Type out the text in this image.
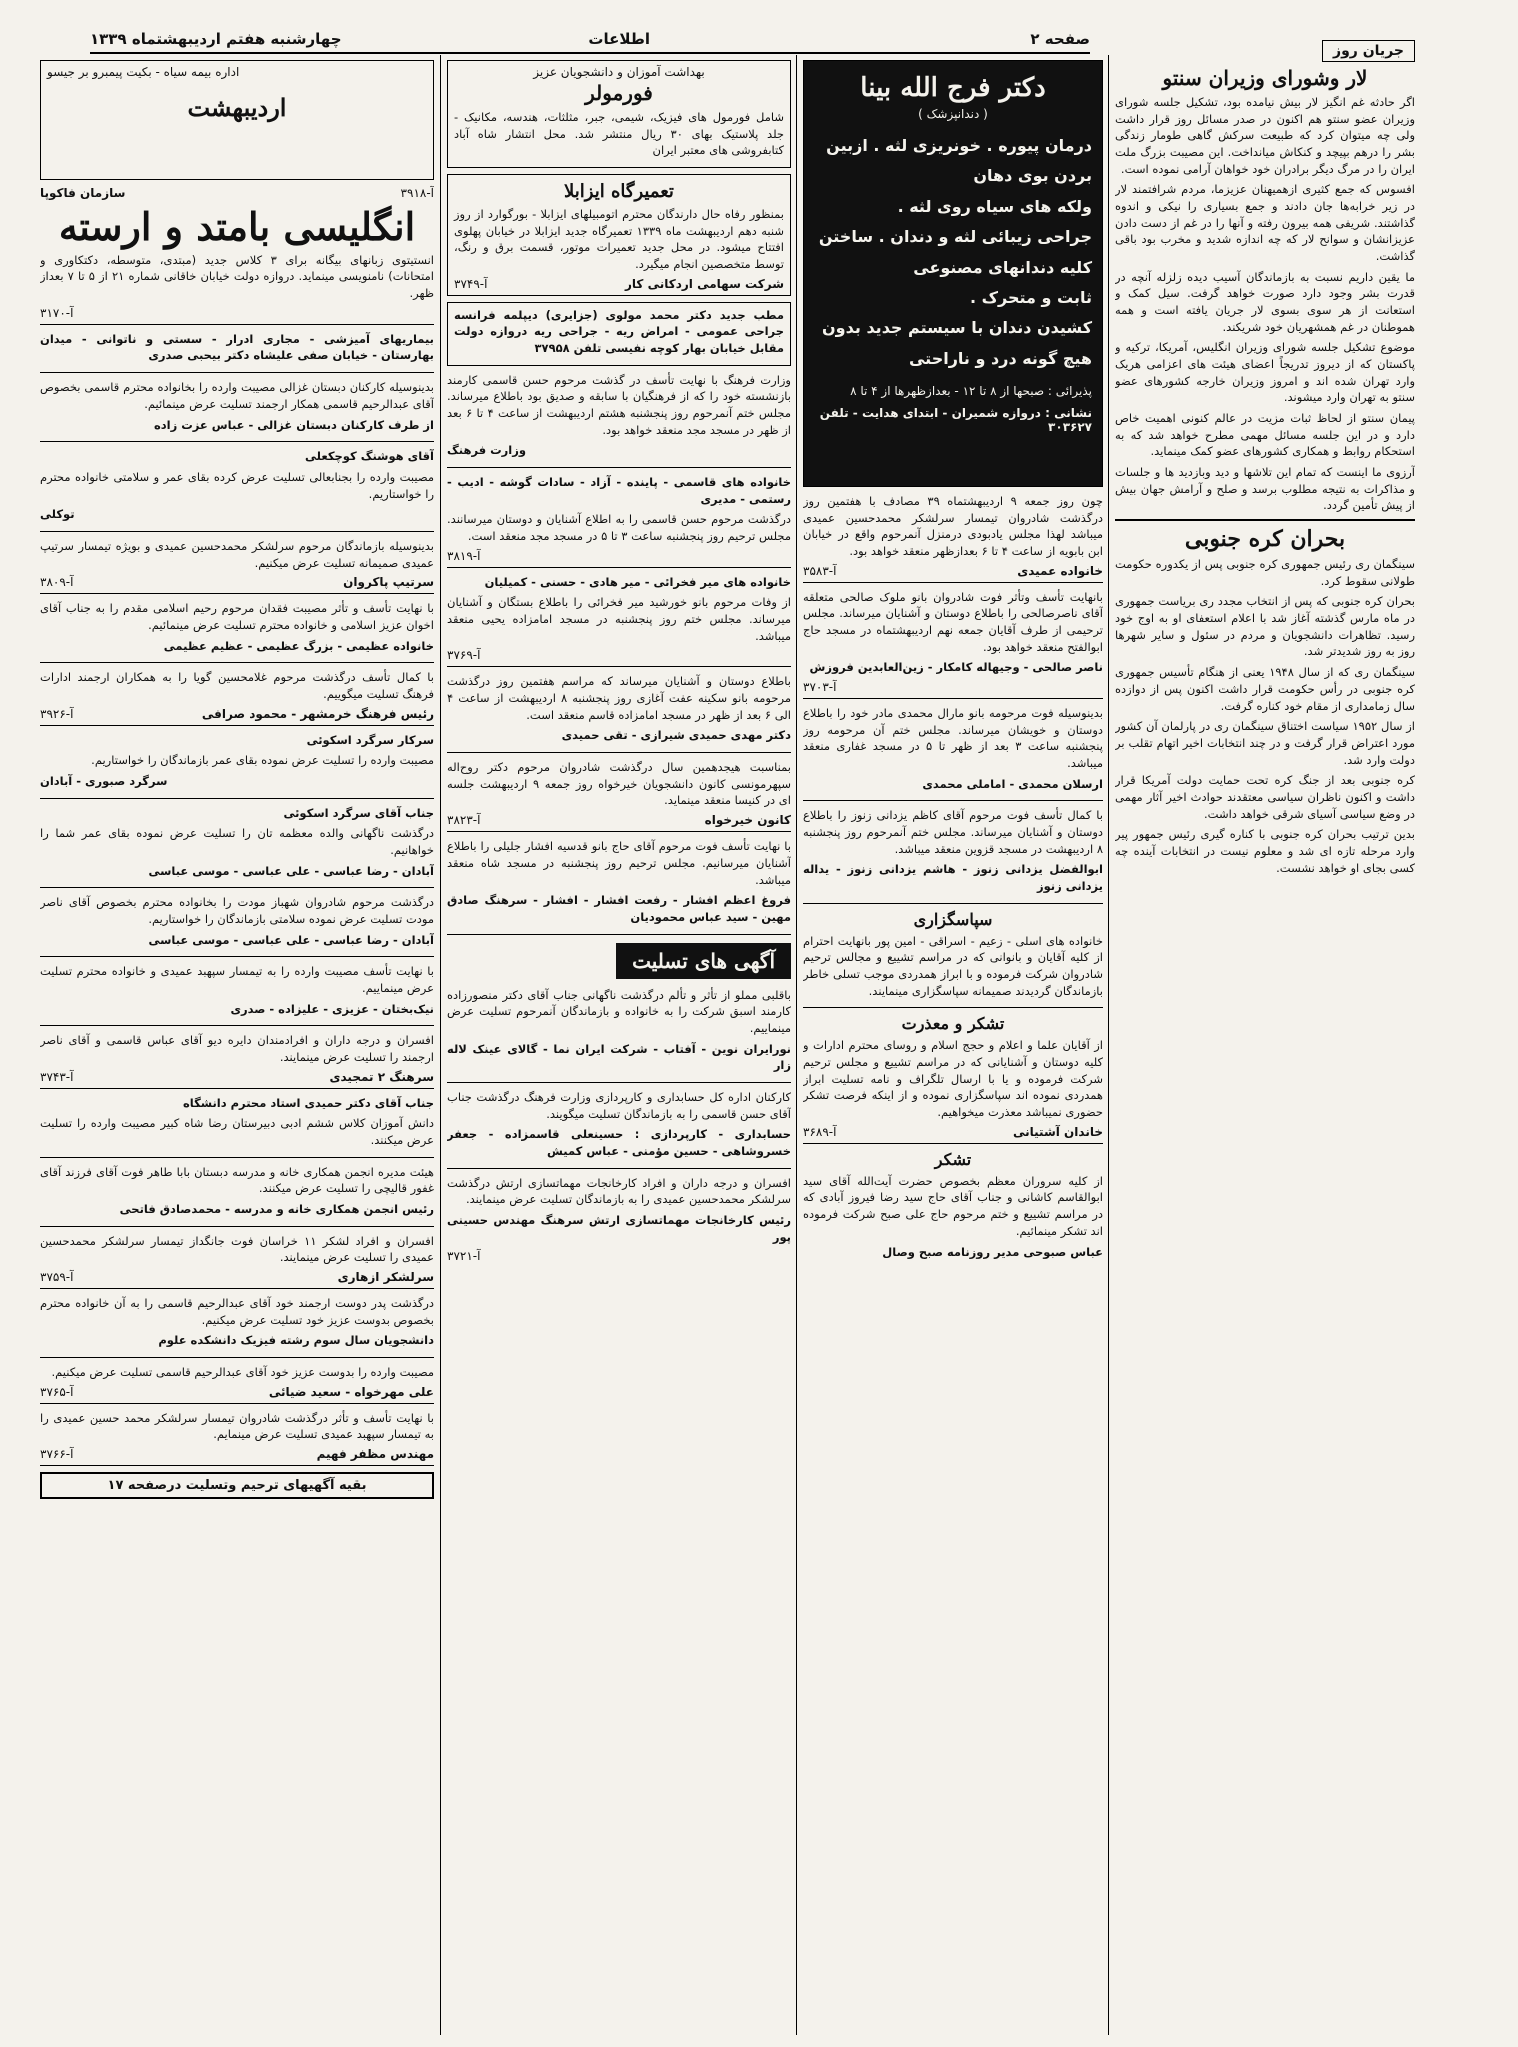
صفحه ۲
اطلاعات
چهارشنبه هفتم اردیبهشتماه ۱۳۳۹
جریان روز
لار وشورای وزیران سنتو

اگر حادثه غم انگیز لار بیش نیامده بود، تشکیل جلسه شورای وزیران عضو سنتو هم اکنون در صدر مسائل روز قرار داشت ولی چه میتوان کرد که طبیعت سرکش گاهی طومار زندگی بشر را درهم بپیچد و کنکاش میانداخت. این مصیبت بزرگ ملت ایران را در مرگ دیگر برادران خود خواهان آرامی نموده است.

افسوس که جمع کثیری ازهمیهنان عزیزما، مردم شرافتمند لار در زیر خرابه‌ها جان دادند و جمع بسیاری را نیکی و اندوه گذاشتند. شریفی همه بیرون رفته و آنها را در غم از دست دادن عزیزانشان و سوانح لار که چه اندازه شدید و مخرب بود باقی گذاشت.

ما یقین داریم نسبت به بازماندگان آسیب دیده زلزله آنچه در قدرت بشر وجود دارد صورت خواهد گرفت. سیل کمک و استعانت از هر سوی بسوی لار جریان یافته است و همه هموطنان در غم همشهریان خود شریکند.

موضوع تشکیل جلسه شورای وزیران انگلیس، آمریکا، ترکیه و پاکستان که از دیروز تدریجاً اعضای هیئت های اعزامی هریک وارد تهران شده اند و امروز وزیران خارجه کشورهای عضو سنتو به تهران وارد میشوند.

پیمان سنتو از لحاظ ثبات مزیت در عالم کنونی اهمیت خاص دارد و در این جلسه مسائل مهمی مطرح خواهد شد که به استحکام روابط و همکاری کشورهای عضو کمک مینماید.

آرزوی ما اینست که تمام این تلاشها و دید وبازدید ها و جلسات و مذاکرات به نتیجه مطلوب برسد و صلح و آرامش جهان بیش از پیش تأمین گردد.

بحران کره جنوبی

سینگمان ری رئیس جمهوری کره جنوبی پس از یکدوره حکومت طولانی سقوط کرد.

بحران کره جنوبی که پس از انتخاب مجدد ری بریاست جمهوری در ماه مارس گذشته آغاز شد با اعلام استعفای او به اوج خود رسید. تظاهرات دانشجویان و مردم در سئول و سایر شهرها روز به روز شدیدتر شد.

سینگمان ری که از سال ۱۹۴۸ یعنی از هنگام تأسیس جمهوری کره جنوبی در رأس حکومت قرار داشت اکنون پس از دوازده سال زمامداری از مقام خود کناره گرفت.

از سال ۱۹۵۲ سیاست اختناق سینگمان ری در پارلمان آن کشور مورد اعتراض قرار گرفت و در چند انتخابات اخیر اتهام تقلب بر دولت وارد شد.

کره جنوبی بعد از جنگ کره تحت حمایت دولت آمریکا قرار داشت و اکنون ناظران سیاسی معتقدند حوادث اخیر آثار مهمی در وضع سیاسی آسیای شرقی خواهد داشت.

بدین ترتیب بحران کره جنوبی با کناره گیری رئیس جمهور پیر وارد مرحله تازه ای شد و معلوم نیست در انتخابات آینده چه کسی بجای او خواهد نشست.

دکتر فرج الله بینا
( دندانپزشک )
درمان پیوره . خونریزی لثه . ازبین بردن بوی دهان
ولکه های سیاه روی لثه .
جراحی زیبائی لثه و دندان . ساختن کلیه دندانهای مصنوعی
ثابت و متحرک .
کشیدن دندان با سیستم جدید بدون هیچ گونه درد و ناراحتی
پذیرائی : صبحها از ۸ تا ۱۲ - بعدازظهرها از ۴ تا ۸
نشانی : دروازه شمیران - ابتدای هدایت - تلفن ۳۰۳۶۲۷

چون روز جمعه ۹ اردیبهشتماه ۳۹ مصادف با هفتمین روز درگذشت شادروان تیمسار سرلشکر محمدحسین عمیدی میباشد لهذا مجلس یادبودی درمنزل آنمرحوم واقع در خیابان ابن بابویه از ساعت ۴ تا ۶ بعدازظهر منعقد خواهد بود.

خانواده عمیدی
آ-۳۵۸۳

بانهایت تأسف وتأثر فوت شادروان بانو ملوک صالحی متعلقه آقای ناصرصالحی را باطلاع دوستان و آشنایان میرساند. مجلس ترحیمی از طرف آقایان جمعه نهم اردیبهشتماه در مسجد حاج ابوالفتح منعقد خواهد بود.

ناصر صالحی - وجیهاله کامکار - زین‌العابدین فروزش

آ-۳۷۰۳

بدینوسیله فوت مرحومه بانو مارال محمدی مادر خود را باطلاع دوستان و خویشان میرساند. مجلس ختم آن مرحومه روز پنجشنبه ساعت ۳ بعد از ظهر تا ۵ در مسجد غفاری منعقد میباشد.

ارسلان محمدی - اماملی محمدی

با کمال تأسف فوت مرحوم آقای کاظم یزدانی زنوز را باطلاع دوستان و آشنایان میرساند. مجلس ختم آنمرحوم روز پنجشنبه ۸ اردیبهشت در مسجد قزوین منعقد میباشد.

ابوالفضل یزدانی زنوز - هاشم یزدانی زنوز - یداله یزدانی زنوز

سپاسگزاری

خانواده های اسلی - زعیم - اسراقی - امین پور بانهایت احترام از کلیه آقایان و بانوانی که در مراسم تشییع و مجالس ترحیم شادروان شرکت فرموده و با ابراز همدردی موجب تسلی خاطر بازماندگان گردیدند صمیمانه سپاسگزاری مینمایند.

تشکر و معذرت

از آقایان علما و اعلام و حجج اسلام و روسای محترم ادارات و کلیه دوستان و آشنایانی که در مراسم تشییع و مجلس ترحیم شرکت فرموده و یا با ارسال تلگراف و نامه تسلیت ابراز همدردی نموده اند سپاسگزاری نموده و از اینکه فرصت تشکر حضوری نمیباشد معذرت میخواهیم.

خاندان آشتیانی
آ-۳۶۸۹
تشکر

از کلیه سروران معظم بخصوص حضرت آیت‌الله آقای سید ابوالقاسم کاشانی و جناب آقای حاج سید رضا فیروز آبادی که در مراسم تشییع و ختم مرحوم حاج علی صبح شرکت فرموده اند تشکر مینمائیم.

عباس صبوحی مدیر روزنامه صبح وصال

بهداشت آموزان و دانشجویان عزیز
فورمولر

شامل فورمول های فیزیک، شیمی، جبر، مثلثات، هندسه، مکانیک - جلد پلاستیک بهای ۳۰ ریال منتشر شد. محل انتشار شاه آباد کتابفروشی های معتبر ایران

تعمیرگاه ایزابلا

بمنظور رفاه حال دارندگان محترم اتومبیلهای ایزابلا - بورگوارد از روز شنبه دهم اردیبهشت ماه ۱۳۳۹ تعمیرگاه جدید ایزابلا در خیابان پهلوی افتتاح میشود. در محل جدید تعمیرات موتور، قسمت برق و رنگ، توسط متخصصین انجام میگیرد.

شرکت سهامی اردکانی کار
آ-۳۷۴۹

مطب جدید دکتر محمد مولوی (جزایری) دیپلمه فرانسه جراحی عمومی - امراض ریه - جراحی ریه دروازه دولت مقابل خیابان بهار کوچه نفیسی تلفن ۳۷۹۵۸

وزارت فرهنگ با نهایت تأسف در گذشت مرحوم حسن قاسمی کارمند بازنشسته خود را که از فرهنگیان با سابقه و صدیق بود باطلاع میرساند. مجلس ختم آنمرحوم روز پنجشنبه هشتم اردیبهشت از ساعت ۴ تا ۶ بعد از ظهر در مسجد مجد منعقد خواهد بود.

وزارت فرهنگ

خانواده های قاسمی - پاینده - آزاد - سادات گوشه - ادیب - رستمی - مدیری

درگذشت مرحوم حسن قاسمی را به اطلاع آشنایان و دوستان میرسانند. مجلس ترحیم روز پنجشنبه ساعت ۳ تا ۵ در مسجد مجد منعقد است.

آ-۳۸۱۹

خانواده های میر فخرائی - میر هادی - حسنی - کمیلیان

از وفات مرحوم بانو خورشید میر فخرائی را باطلاع بستگان و آشنایان میرساند. مجلس ختم روز پنجشنبه در مسجد امامزاده یحیی منعقد میباشد.

آ-۳۷۶۹

باطلاع دوستان و آشنایان میرساند که مراسم هفتمین روز درگذشت مرحومه بانو سکینه عفت آغازی روز پنجشنبه ۸ اردیبهشت از ساعت ۴ الی ۶ بعد از ظهر در مسجد امامزاده قاسم منعقد است.

دکتر مهدی حمیدی شیرازی - تقی حمیدی

بمناسبت هیجدهمین سال درگذشت شادروان مرحوم دکتر روح‌اله سپهرمونسی کانون دانشجویان خیرخواه روز جمعه ۹ اردیبهشت جلسه ای در کنیسا منعقد مینماید.

کانون خیرخواه
آ-۳۸۲۳

با نهایت تأسف فوت مرحوم آقای حاج بانو قدسیه افشار جلیلی را باطلاع آشنایان میرسانیم. مجلس ترحیم روز پنجشنبه در مسجد شاه منعقد میباشد.

فروغ اعظم افشار - رفعت افشار - افشار - سرهنگ صادق مهین - سید عباس محمودیان

آگهی های تسلیت

باقلبی مملو از تأثر و تألم درگذشت ناگهانی جناب آقای دکتر منصورزاده کارمند اسبق شرکت را به خانواده و بازماندگان آنمرحوم تسلیت عرض مینماییم.

نورایران نوین - آفتاب - شرکت ایران نما - گالای عینک لاله زار

کارکنان اداره کل حسابداری و کارپردازی وزارت فرهنگ درگذشت جناب آقای حسن قاسمی را به بازماندگان تسلیت میگویند.

حسابداری - کارپردازی : حسینعلی قاسمزاده - جعفر خسروشاهی - حسین مؤمنی - عباس کمیش

افسران و درجه داران و افراد کارخانجات مهماتسازی ارتش درگذشت سرلشکر محمدحسین عمیدی را به بازماندگان تسلیت عرض مینمایند.

رئیس کارخانجات مهماتسازی ارتش سرهنگ مهندس حسینی پور

آ-۳۷۲۱
اداره بیمه سیاه - بکیت پیمبرو بر جیسو
اردیبهشت
آ-۳۹۱۸
سازمان فاکوپا
انگلیسی بامتد و ارسته

انستیتوی زبانهای بیگانه برای ۳ کلاس جدید (مبتدی، متوسطه، دکتکاوری و امتحانات) نامنویسی مینماید. دروازه دولت خیابان خاقانی شماره ۲۱ از ۵ تا ۷ بعداز ظهر.

آ-۳۱۷۰

بیماریهای آمیزشی - مجاری ادرار - سستی و ناتوانی - میدان بهارستان - خیابان صفی علیشاه دکتر بیحبی صدری

بدینوسیله کارکنان دبستان غزالی مصیبت وارده را بخانواده محترم قاسمی بخصوص آقای عبدالرحیم قاسمی همکار ارجمند تسلیت عرض مینمائیم.

از طرف کارکنان دبستان غزالی - عباس عزت زاده

آقای هوشنگ کوچکعلی

مصیبت وارده را بجنابعالی تسلیت عرض کرده بقای عمر و سلامتی خانواده محترم را خواستاریم.

توکلی

بدینوسیله بازماندگان مرحوم سرلشکر محمدحسین عمیدی و بویژه تیمسار سرتیپ عمیدی صمیمانه تسلیت عرض میکنیم.

سرتیپ پاکروان
آ-۳۸۰۹

با نهایت تأسف و تأثر مصیبت فقدان مرحوم رحیم اسلامی مقدم را به جناب آقای اخوان عزیز اسلامی و خانواده محترم تسلیت عرض مینمائیم.

خانواده عظیمی - بزرگ عظیمی - عظیم عظیمی

با کمال تأسف درگذشت مرحوم غلامحسین گویا را به همکاران ارجمند ادارات فرهنگ تسلیت میگوییم.

رئیس فرهنگ خرمشهر - محمود صرافی
آ-۳۹۲۶

سرکار سرگرد اسکوئی

مصیبت وارده را تسلیت عرض نموده بقای عمر بازماندگان را خواستاریم.

سرگرد صبوری - آبادان

جناب آقای سرگرد اسکوئی

درگذشت ناگهانی والده معظمه تان را تسلیت عرض نموده بقای عمر شما را خواهانیم.

آبادان - رضا عباسی - علی عباسی - موسی عباسی

درگذشت مرحوم شادروان شهباز مودت را بخانواده محترم بخصوص آقای ناصر مودت تسلیت عرض نموده سلامتی بازماندگان را خواستاریم.

آبادان - رضا عباسی - علی عباسی - موسی عباسی

با نهایت تأسف مصیبت وارده را به تیمسار سپهبد عمیدی و خانواده محترم تسلیت عرض مینماییم.

نیک‌بختان - عزیزی - علیزاده - صدری

افسران و درجه داران و افرادمندان دایره دیو آقای عباس قاسمی و آقای ناصر ارجمند را تسلیت عرض مینمایند.

سرهنگ ۲ تمجیدی
آ-۳۷۴۳

جناب آقای دکتر حمیدی استاد محترم دانشگاه

دانش آموزان کلاس ششم ادبی دبیرستان رضا شاه کبیر مصیبت وارده را تسلیت عرض میکنند.

هیئت مدیره انجمن همکاری خانه و مدرسه دبستان بابا طاهر فوت آقای فرزند آقای غفور قالیچی را تسلیت عرض میکنند.

رئیس انجمن همکاری خانه و مدرسه - محمدصادق فاتحی

افسران و افراد لشکر ۱۱ خراسان فوت جانگداز تیمسار سرلشکر محمدحسین عمیدی را تسلیت عرض مینمایند.

سرلشکر ازهاری
آ-۳۷۵۹

درگذشت پدر دوست ارجمند خود آقای عبدالرحیم قاسمی را به آن خانواده محترم بخصوص بدوست عزیز خود تسلیت عرض میکنیم.

دانشجویان سال سوم رشته فیزیک دانشکده علوم

مصیبت وارده را بدوست عزیز خود آقای عبدالرحیم قاسمی تسلیت عرض میکنیم.

علی مهرخواه - سعید ضیائی
آ-۳۷۶۵

با نهایت تأسف و تأثر درگذشت شادروان تیمسار سرلشکر محمد حسین عمیدی را به تیمسار سپهبد عمیدی تسلیت عرض مینمایم.

مهندس مظفر فهیم
آ-۳۷۶۶
بقیه آگهیهای ترحیم وتسلیت درصفحه ۱۷
